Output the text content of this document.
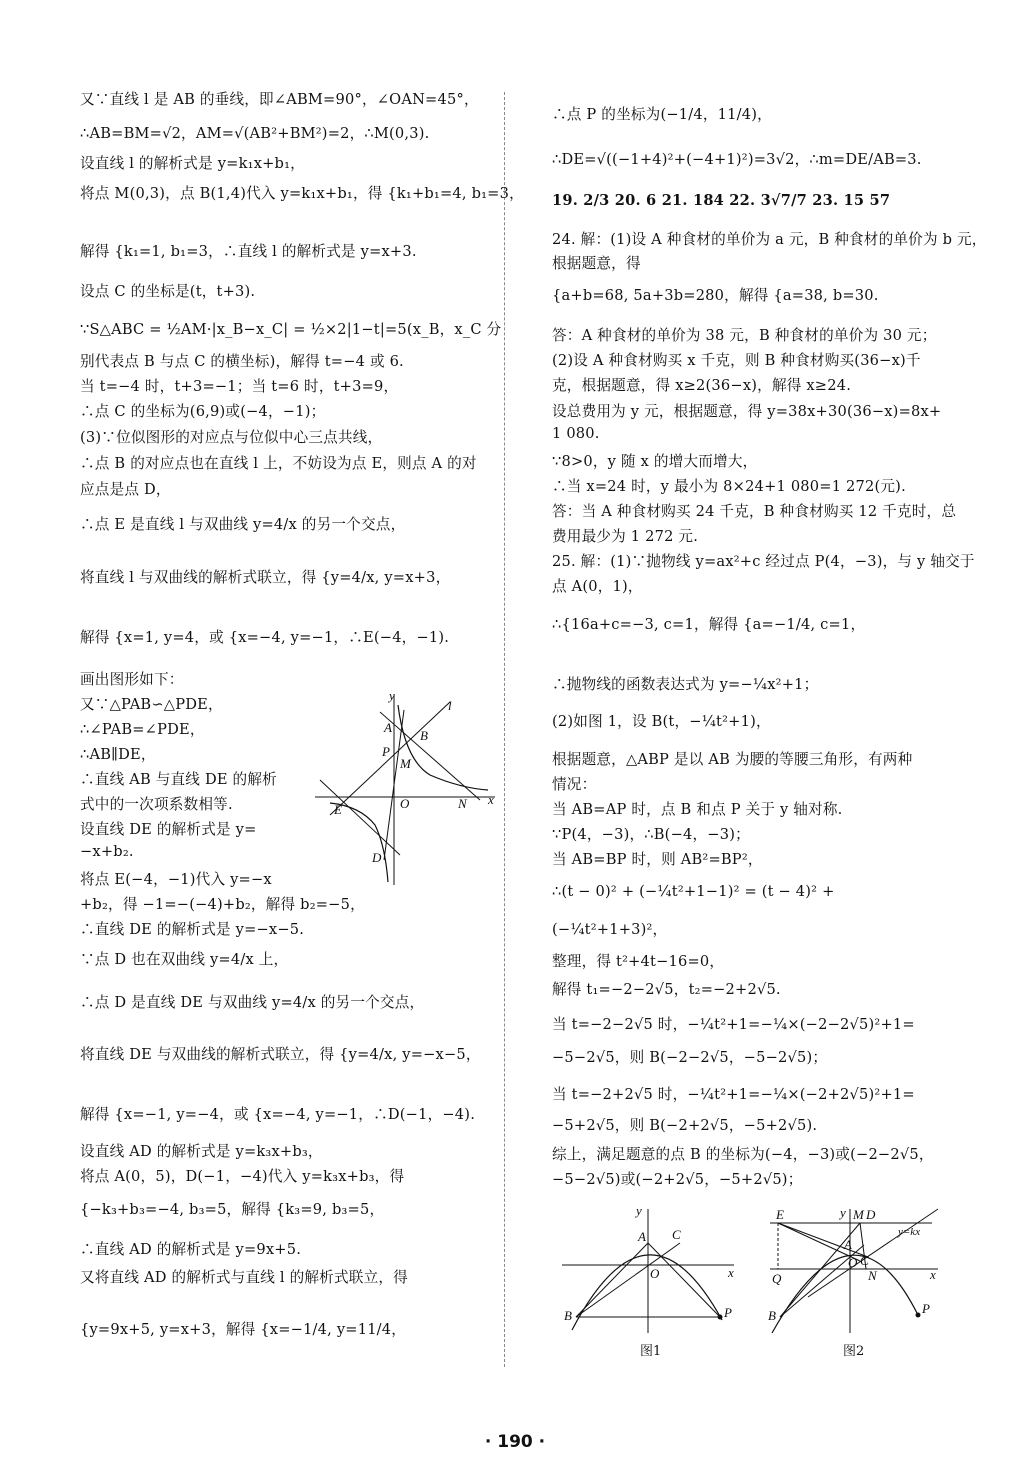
又∵直线 l 是 AB 的垂线，即∠ABM=90°，∠OAN=45°，
∴AB=BM=√2，AM=√(AB²+BM²)=2，∴M(0,3).
设直线 l 的解析式是 y=k₁x+b₁，
将点 M(0,3)，点 B(1,4)代入 y=k₁x+b₁，得 {k₁+b₁=4, b₁=3，
解得 {k₁=1, b₁=3，∴直线 l 的解析式是 y=x+3.
设点 C 的坐标是(t，t+3).
∵S△ABC = ½AM·|x_B−x_C| = ½×2|1−t|=5(x_B，x_C 分
别代表点 B 与点 C 的横坐标)，解得 t=−4 或 6.
当 t=−4 时，t+3=−1；当 t=6 时，t+3=9，
∴点 C 的坐标为(6,9)或(−4，−1)；
(3)∵位似图形的对应点与位似中心三点共线，
∴点 B 的对应点也在直线 l 上，不妨设为点 E，则点 A 的对
应点是点 D，
∴点 E 是直线 l 与双曲线 y=4/x 的另一个交点，
将直线 l 与双曲线的解析式联立，得 {y=4/x, y=x+3，
解得 {x=1, y=4，或 {x=−4, y=−1，∴E(−4，−1).
画出图形如下：
又∵△PAB∽△PDE，
∴∠PAB=∠PDE，
∴AB∥DE，
∴直线 AB 与直线 DE 的解析
式中的一次项系数相等.
设直线 DE 的解析式是 y=
−x+b₂.
将点 E(−4，−1)代入 y=−x
+b₂，得 −1=−(−4)+b₂，解得 b₂=−5，
∴直线 DE 的解析式是 y=−x−5.
∵点 D 也在双曲线 y=4/x 上，
∴点 D 是直线 DE 与双曲线 y=4/x 的另一个交点，
将直线 DE 与双曲线的解析式联立，得 {y=4/x, y=−x−5，
解得 {x=−1, y=−4，或 {x=−4, y=−1，∴D(−1，−4).
设直线 AD 的解析式是 y=k₃x+b₃，
将点 A(0，5)，D(−1，−4)代入 y=k₃x+b₃，得
{−k₃+b₃=−4, b₃=5，解得 {k₃=9, b₃=5，
∴直线 AD 的解析式是 y=9x+5.
又将直线 AD 的解析式与直线 l 的解析式联立，得
{y=9x+5, y=x+3，解得 {x=−1/4, y=11/4，
∴点 P 的坐标为(−1/4，11/4)，
∴DE=√((−1+4)²+(−4+1)²)=3√2，∴m=DE/AB=3.
19. 2/3 20. 6 21. 184 22. 3√7/7 23. 15 57
24. 解：(1)设 A 种食材的单价为 a 元，B 种食材的单价为 b 元，
根据题意，得
{a+b=68, 5a+3b=280，解得 {a=38, b=30.
答：A 种食材的单价为 38 元，B 种食材的单价为 30 元；
(2)设 A 种食材购买 x 千克，则 B 种食材购买(36−x)千
克，根据题意，得 x≥2(36−x)，解得 x≥24.
设总费用为 y 元，根据题意，得 y=38x+30(36−x)=8x+
1 080.
∵8>0，y 随 x 的增大而增大，
∴当 x=24 时，y 最小为 8×24+1 080=1 272(元).
答：当 A 种食材购买 24 千克，B 种食材购买 12 千克时，总
费用最少为 1 272 元.
25. 解：(1)∵抛物线 y=ax²+c 经过点 P(4，−3)，与 y 轴交于
点 A(0，1)，
∴{16a+c=−3, c=1，解得 {a=−1/4, c=1，
∴抛物线的函数表达式为 y=−¼x²+1；
(2)如图 1，设 B(t，−¼t²+1)，
根据题意，△ABP 是以 AB 为腰的等腰三角形，有两种
情况：
当 AB=AP 时，点 B 和点 P 关于 y 轴对称.
∵P(4，−3)，∴B(−4，−3)；
当 AB=BP 时，则 AB²=BP²，
∴(t − 0)² + (−¼t²+1−1)² = (t − 4)² +
(−¼t²+1+3)²，
整理，得 t²+4t−16=0，
解得 t₁=−2−2√5，t₂=−2+2√5.
当 t=−2−2√5 时，−¼t²+1=−¼×(−2−2√5)²+1=
−5−2√5，则 B(−2−2√5，−5−2√5)；
当 t=−2+2√5 时，−¼t²+1=−¼×(−2+2√5)²+1=
−5+2√5，则 B(−2+2√5，−5+2√5).
综上，满足题意的点 B 的坐标为(−4，−3)或(−2−2√5，
−5−2√5)或(−2+2√5，−5+2√5)；
y
l
A
B
P
M
O	N x
E
D
y
A C
O	x
B	P
图1
E	y M D
y=kx
A
Q
O C
N	x
B	P
图2
· 190 ·
